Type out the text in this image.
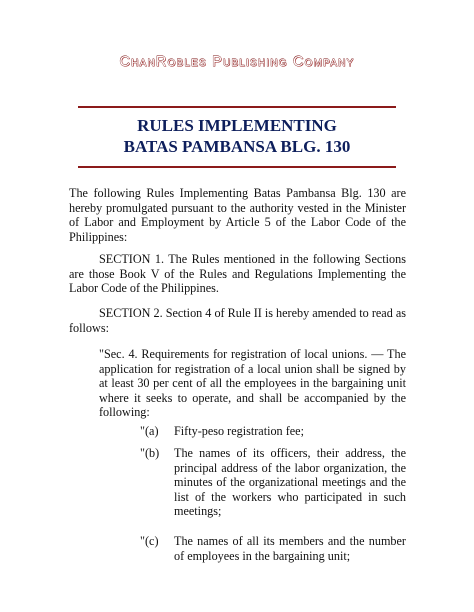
ChanRobles Publishing Company
RULES IMPLEMENTING
BATAS PAMBANSA BLG. 130

The following Rules Implementing Batas Pambansa Blg. 130 are hereby promulgated pursuant to the authority vested in the Minister of Labor and Employment by Article 5 of the Labor Code of the Philippines:

SECTION 1. The Rules mentioned in the following Sections are those Book V of the Rules and Regulations Implementing the Labor Code of the Philippines.

SECTION 2. Section 4 of Rule II is hereby amended to read as follows:

"Sec. 4. Requirements for registration of local unions. — The application for registration of a local union shall be signed by at least 30 per cent of all the employees in the bargaining unit where it seeks to operate, and shall be accompanied by the following:

"(a) Fifty-peso registration fee;
"(b) The names of its officers, their address, the principal address of the labor organization, the minutes of the organizational meetings and the list of the workers who participated in such meetings;
"(c) The names of all its members and the number of employees in the bargaining unit;
